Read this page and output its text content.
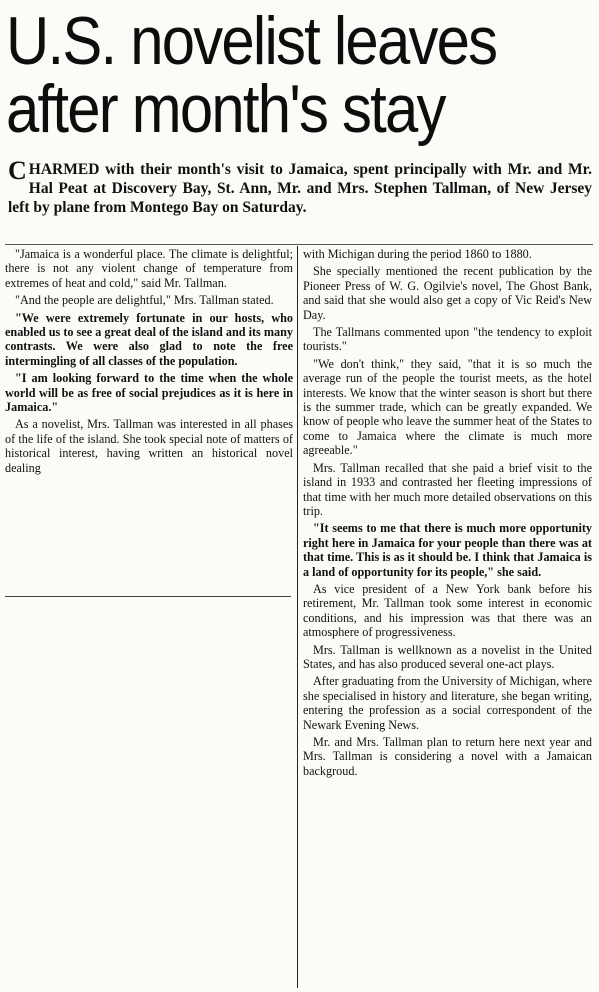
U.S. novelist leaves
after month's stay
CHARMED with their month's visit to Jamaica, spent principally with Mr. and Mr. Hal Peat at Discovery Bay, St. Ann, Mr. and Mrs. Stephen Tallman, of New Jersey left by plane from Montego Bay on Saturday.

"Jamaica is a wonderful place. The climate is delightful; there is not any violent change of temperature from extremes of heat and cold," said Mr. Tallman.

"And the people are delightful," Mrs. Tallman stated.

"We were extremely fortunate in our hosts, who enabled us to see a great deal of the island and its many contrasts. We were also glad to note the free intermingling of all classes of the population.

"I am looking forward to the time when the whole world will be as free of social prejudices as it is here in Jamaica."

As a novelist, Mrs. Tallman was interested in all phases of the life of the island. She took special note of matters of historical interest, having written an historical novel dealing

with Michigan during the period 1860 to 1880.

She specially mentioned the recent publication by the Pioneer Press of W. G. Ogilvie's novel, The Ghost Bank, and said that she would also get a copy of Vic Reid's New Day.

The Tallmans commented upon "the tendency to exploit tourists."

"We don't think," they said, "that it is so much the average run of the people the tourist meets, as the hotel interests. We know that the winter season is short but there is the summer trade, which can be greatly expanded. We know of people who leave the summer heat of the States to come to Jamaica where the climate is much more agreeable."

Mrs. Tallman recalled that she paid a brief visit to the island in 1933 and contrasted her fleeting impressions of that time with her much more detailed observations on this trip.

"It seems to me that there is much more opportunity right here in Jamaica for your people than there was at that time. This is as it should be. I think that Jamaica is a land of opportunity for its people," she said.

As vice president of a New York bank before his retirement, Mr. Tallman took some interest in economic conditions, and his impression was that there was an atmosphere of progressiveness.

Mrs. Tallman is wellknown as a novelist in the United States, and has also produced several one-act plays.

After graduating from the University of Michigan, where she specialised in history and literature, she began writing, entering the profession as a social correspondent of the Newark Evening News.

Mr. and Mrs. Tallman plan to return here next year and Mrs. Tallman is considering a novel with a Jamaican backgroud.
